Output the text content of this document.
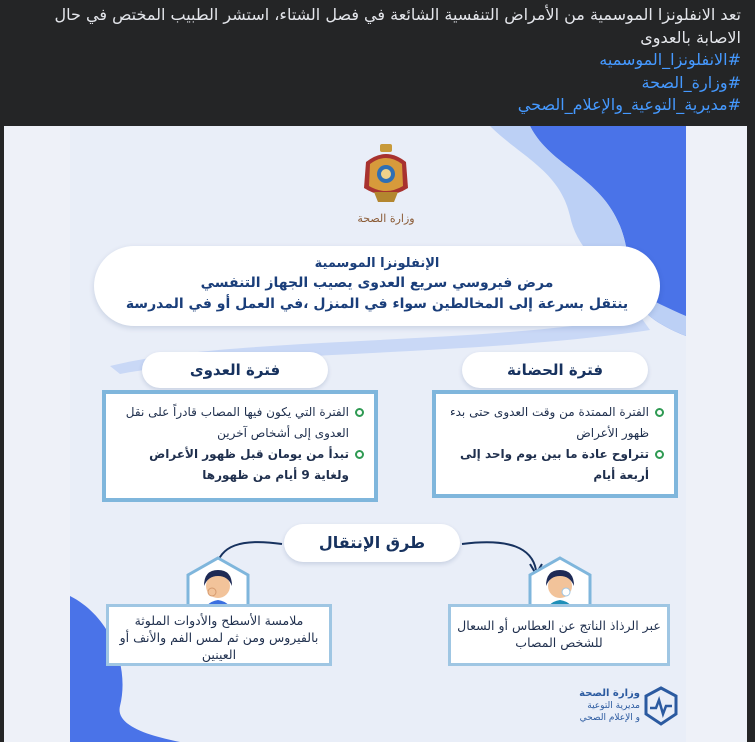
تعد الانفلونزا الموسمية من الأمراض التنفسية الشائعة في فصل الشتاء، استشر الطبيب المختص في حال الاصابة بالعدوى
#الانفلونزا_الموسميه
#وزارة_الصحة
#مديرية_التوعية_والإعلام_الصحي
وزارة الصحة
الإنفلونزا الموسمية
مرض فيروسي سريع العدوى يصيب الجهاز التنفسي
ينتقل بسرعة إلى المخالطين سواء في المنزل ،في العمل أو في المدرسة
فترة العدوى
الفترة التي يكون فيها المصاب قادراً على نقل العدوى إلى أشخاص آخرين
تبدأ من يومان قبل ظهور الأعراض ولغاية 9 أيام من ظهورها
فترة الحضانة
الفترة الممتدة من وقت العدوى حتى بدء ظهور الأعراض
تتراوح عادة ما بين يوم واحد إلى أربعة أيام
طرق الإنتقال
ملامسة الأسطح والأدوات الملوثة بالفيروس ومن ثم لمس الفم والأنف أو العينين
عبر الرذاذ الناتج عن العطاس أو السعال للشخص المصاب
وزارة الصحة
مديرية التوعية
و الإعلام الصحي
